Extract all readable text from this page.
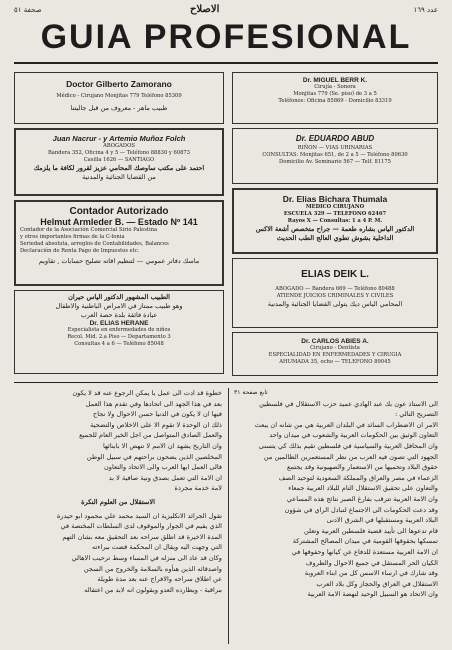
صحفة ٥١	الاصلاح	عدد ١٦٩
GUIA PROFESIONAL
Doctor Gilberto Zamorano
Médico - Cirujano Monjitas 779 Teléfono 85309
طبيب ماهر - معروف من قبل جاليتنا
Juan Nacrur - y Artemio Muñoz Folch
ABOGADOS
Bandera 352, Oficina 4 y 5 — Teléfono 88830 y 60873
Casilla 1626 — SANTIAGO
احتمد على مكتب ساوصك المحامي عزيز لقرور لكافة ما يلزمك
من القضايا الجنائية والمدنية
Contador Autorizado
Helmut Armleder B. — Estado Nº 141
Contador de la Asociación Comercial Sirio Palestina
y otros importantes firmas de la C-lonia
Seriedad absoluta, arreglos de Contabilidades, Balances
Declaración de Renta Pago de Impuestos etc.
ماسك دفاتر عمومي — لتنظيم اقاته تصليح حسابات , تقاويم
الطبيب المشهور الدكتور الياس حيران
وهو طبيب ممتاز في الامراض الباطنية والاطفال
عيادة فائقة بلدة حصة العرب
Dr. ELIAS HERANE
Especialista en enfermedades de niños
Recol. Mid. 2.a Piso — Departamento 3
Consultas 4 a 6 — Teléfono 85048
Dr. MIGUEL BERR K.
Cirujía - Sonora
Monjitas 779 (Se. piso) de 3 a 5
Teléfonos: Oficina 85869 - Domicilio 83319
Dr. EDUARDO ABUD
RIÑON — VIAS URINARIAS
CONSULTAS: Monjitas 651, de 2 a 5 — Teléfono 80630
Domicilio Av. Seminario 567 — Telf. 81175
Dr. Elias Bichara Thumala
MEDICO CIRUJANO
ESCUELA 329 — TELEFONO 62467
Rayos X — Consultas: 1 a 4 P. M.
الدكتور الياس بشاره طعمة — جراح متخصص أشعة الاكس
الداخلية بشوش تطوي العالج الطب الحديث
ELIAS DEIK L.
ABOGADO — Bandera 669 — Teléfono 80488
ATIENDE JUICIOS CRIMINALES Y CIVILES
المحامي الياس ديك يتولى القضايا الجنائية والمدنية
Dr. CARLOS ABIES A.
Cirujano - Dentista
ESPECIALIDAD EN ENFERMEDADES Y CIRUGIA
AHUMADA 35, ocho — TELEFONO 89045
تابع صفحة ٣١
الى الاستاذ عون بك عبد الهادي عميد حزب الاستقلال في فلسطين
التصريح التالي :
الامر ان الاضطراب السائد في البلدان العربية هي من شانه ان يبعث
التعاون الوثيق بين الحكومات العربية والشعوب في ميدان واحد
وان المحافل العربية والسياسية في فلسطين تقيم بذلك كي يتسنى
الجهود التي تصون فيه العرب من نظر المستعمرين الظالمين من
حقوق البلاد وتحميها من الاستعمار والصهيونية وقد يجتمع
الزعماء في مصر والعراق والمملكة السعودية لتوحيد الصف
والتعاون على تحقيق الاستقلال التام للبلاد العربية جمعاء
وان الامة العربية تترقب بفارغ الصبر نتائج هذه المساعي
وقد دعت الحكومات الى الاجتماع لتبادل الراي في شؤون
البلاد العربية ومستقبلها في الشرق الادنى
قام تدعوها الى تأييد قضية فلسطين العربية وتعلن
تمسكها بحقوقها القومية في ميدان المصالح المشتركة
ان الامة العربية مستعدة للدفاع عن كيانها وحقوقها في
الكيان الحر المستقل في جميع الاحوال والظروف
وقد شارك في ارساء الاسس كل من ابناء العروبة
الاستقلال في العراق والحجاز وكل بلاد العرب
وان الاتحاد هو السبيل الوحيد لنهضة الامة العربية
خطوة قد ادت الى عمل يا يمكن الرجوع عنه قد لا يكون
بعد في هذا الجهد الى اتحادها وفي تقدم هذا العمل
فيها ان لا يكون في الدنيا حسن الاحوال ولا نجاح
ذلك ان الوحدة لا تقوم الا على الاخلاص والتضحية
والعمل الصادق المتواصل من اجل الخير العام للجميع
وان التاريخ يشهد ان الامم لا تنهض الا بابنائها
المخلصين الذين يضحون براحتهم في سبيل الوطن
فالى العمل ايها العرب والى الاتحاد والتعاون
ان الامة التي تعمل بصدق ونية صافية لا بد
لامة خدمة مجردة
الاستقلال من العلوم النكرة
تقول الجرائد الانكليزية ان السيد محمد علي محمود ابو حيدرة
الذي يقيم في الجوار والموقوف لدى السلطات المختصة في
المدة الاخيرة قد اطلق سراحه بعد التحقيق معه بشان التهم
التي وجهت اليه ويقال ان المحكمة قضت ببراءته
وكان قد عاد الى منزله في المساء وسط ترحيب الاهالي
واصدقائه الذين هنأوه بالسلامة والخروج من السجن
عن اطلاق سراحه والافراج عنه بعد مدة طويلة
مراقبة - ويطارده العدو ويقولون انه لابد من اعتقاله
